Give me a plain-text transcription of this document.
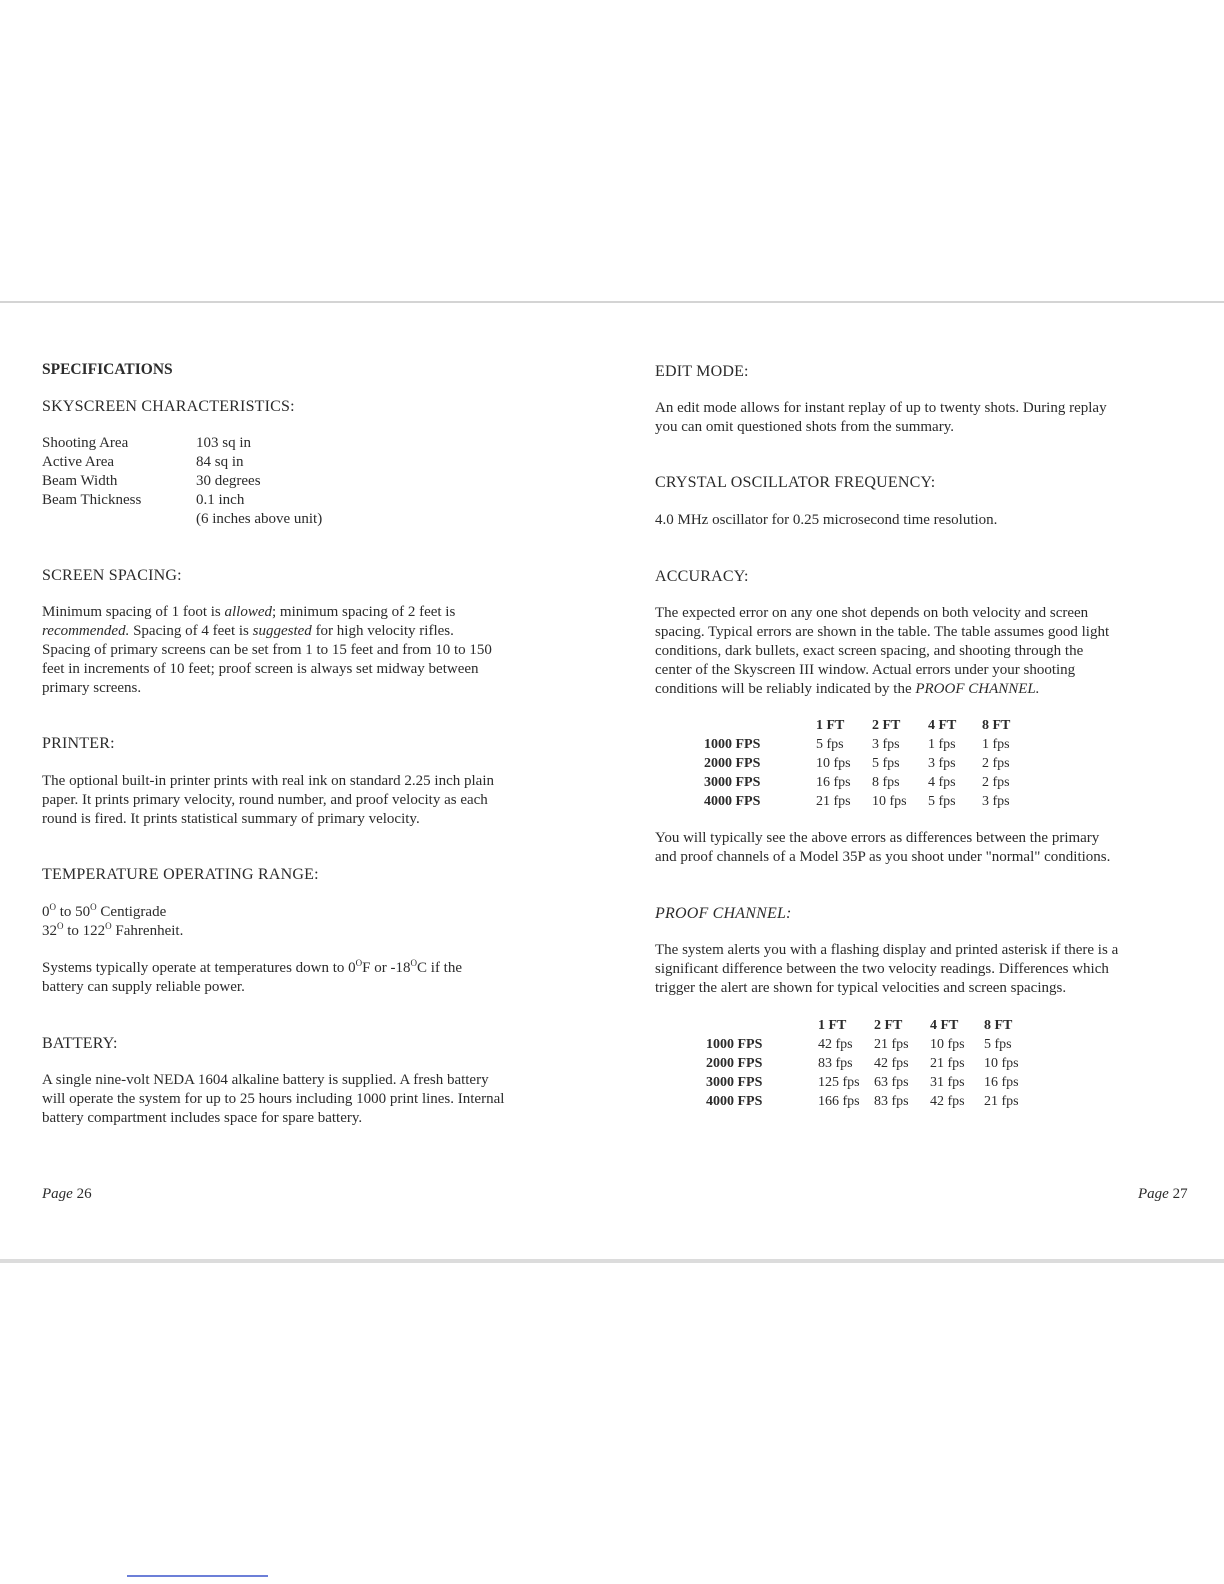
SPECIFICATIONS
SKYSCREEN CHARACTERISTICS:
Shooting Area	103 sq in
Active Area	84 sq in
Beam Width	30 degrees
Beam Thickness	0.1 inch
	(6 inches above unit)
SCREEN SPACING:
Minimum spacing of 1 foot is allowed; minimum spacing of 2 feet is
recommended. Spacing of 4 feet is suggested for high velocity rifles.
Spacing of primary screens can be set from 1 to 15 feet and from 10 to 150
feet in increments of 10 feet; proof screen is always set midway between
primary screens.
PRINTER:
The optional built-in printer prints with real ink on standard 2.25 inch plain
paper. It prints primary velocity, round number, and proof velocity as each
round is fired. It prints statistical summary of primary velocity.
TEMPERATURE OPERATING RANGE:
$0^O$ to $50^O$ Centigrade
$32^O$ to $122^O$ Fahrenheit.
Systems typically operate at temperatures down to $0^OF$ or $-18^OC$ if the
battery can supply reliable power.
BATTERY:
A single nine-volt NEDA 1604 alkaline battery is supplied. A fresh battery
will operate the system for up to 25 hours including 1000 print lines. Internal
battery compartment includes space for spare battery.
Page 26
EDIT MODE:
An edit mode allows for instant replay of up to twenty shots. During replay
you can omit questioned shots from the summary.
CRYSTAL OSCILLATOR FREQUENCY:
4.0 MHz oscillator for 0.25 microsecond time resolution.
ACCURACY:
The expected error on any one shot depends on both velocity and screen
spacing. Typical errors are shown in the table. The table assumes good light
conditions, dark bullets, exact screen spacing, and shooting through the
center of the Skyscreen III window. Actual errors under your shooting
conditions will be reliably indicated by the PROOF CHANNEL.
	1 FT	2 FT	4 FT	8 FT
1000 FPS	5 fps	3 fps	1 fps	1 fps
2000 FPS	10 fps	5 fps	3 fps	2 fps
3000 FPS	16 fps	8 fps	4 fps	2 fps
4000 FPS	21 fps	10 fps	5 fps	3 fps
You will typically see the above errors as differences between the primary
and proof channels of a Model 35P as you shoot under "normal" conditions.
PROOF CHANNEL:
The system alerts you with a flashing display and printed asterisk if there is a
significant difference between the two velocity readings. Differences which
trigger the alert are shown for typical velocities and screen spacings.
	1 FT	2 FT	4 FT	8 FT
1000 FPS	42 fps	21 fps	10 fps	5 fps
2000 FPS	83 fps	42 fps	21 fps	10 fps
3000 FPS	125 fps	63 fps	31 fps	16 fps
4000 FPS	166 fps	83 fps	42 fps	21 fps
Page 27
